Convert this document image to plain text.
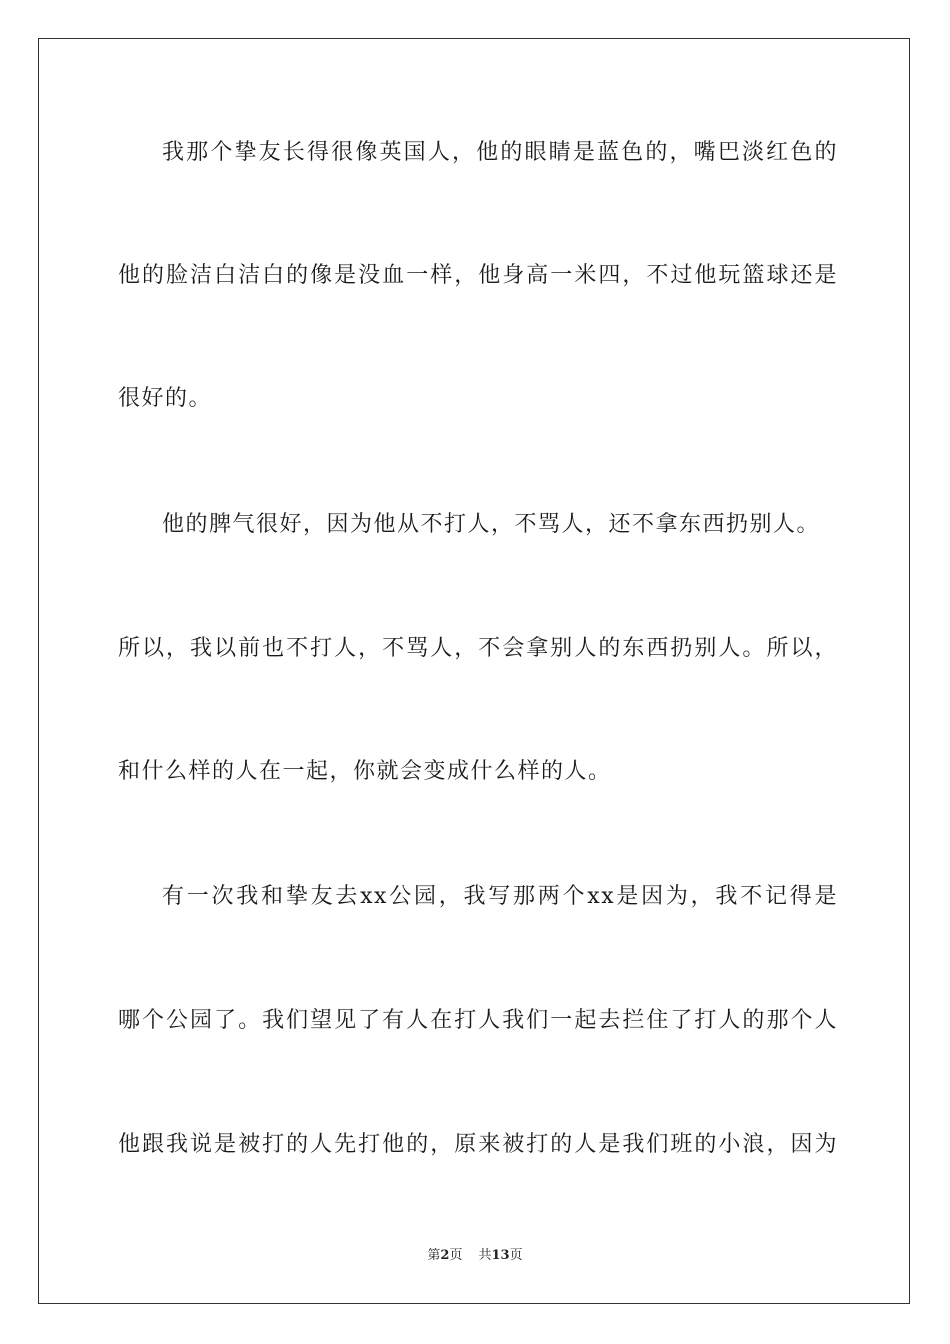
我那个挚友长得很像英国人，他的眼睛是蓝色的，嘴巴淡红色的
他的脸洁白洁白的像是没血一样，他身高一米四，不过他玩篮球还是
很好的。
他的脾气很好，因为他从不打人，不骂人，还不拿东西扔别人。
所以，我以前也不打人，不骂人，不会拿别人的东西扔别人。所以，
和什么样的人在一起，你就会变成什么样的人。
有一次我和挚友去xx公园，我写那两个xx是因为，我不记得是
哪个公园了。我们望见了有人在打人我们一起去拦住了打人的那个人
他跟我说是被打的人先打他的，原来被打的人是我们班的小浪，因为
第2页 共13页
